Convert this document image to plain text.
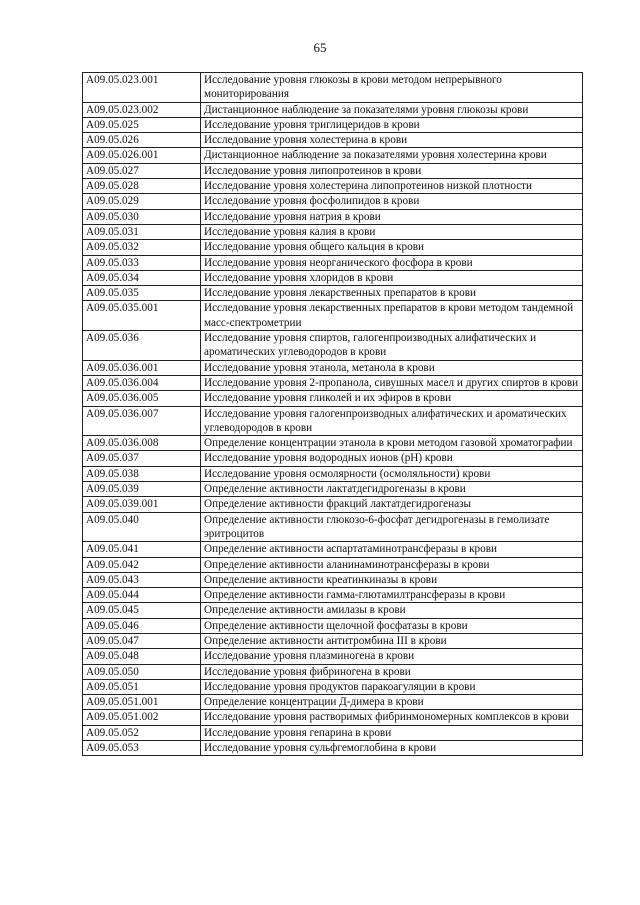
65
A09.05.023.001	Исследование уровня глюкозы в крови методом непрерывного мониторирования
A09.05.023.002	Дистанционное наблюдение за показателями уровня глюкозы крови
A09.05.025	Исследование уровня триглицеридов в крови
A09.05.026	Исследование уровня холестерина в крови
A09.05.026.001	Дистанционное наблюдение за показателями уровня холестерина крови
A09.05.027	Исследование уровня липопротеинов в крови
A09.05.028	Исследование уровня холестерина липопротеинов низкой плотности
A09.05.029	Исследование уровня фосфолипидов в крови
A09.05.030	Исследование уровня натрия в крови
A09.05.031	Исследование уровня калия в крови
A09.05.032	Исследование уровня общего кальция в крови
A09.05.033	Исследование уровня неорганического фосфора в крови
A09.05.034	Исследование уровня хлоридов в крови
A09.05.035	Исследование уровня лекарственных препаратов в крови
A09.05.035.001	Исследование уровня лекарственных препаратов в крови методом тандемной масс-спектрометрии
A09.05.036	Исследование уровня спиртов, галогенпроизводных алифатических и ароматических углеводородов в крови
A09.05.036.001	Исследование уровня этанола, метанола в крови
A09.05.036.004	Исследование уровня 2-пропанола, сивушных масел и других спиртов в крови
A09.05.036.005	Исследование уровня гликолей и их эфиров в крови
A09.05.036.007	Исследование уровня галогенпроизводных алифатических и ароматических углеводородов в крови
A09.05.036.008	Определение концентрации этанола в крови методом газовой хроматографии
A09.05.037	Исследование уровня водородных ионов (pH) крови
A09.05.038	Исследование уровня осмолярности (осмоляльности) крови
A09.05.039	Определение активности лактатдегидрогеназы в крови
A09.05.039.001	Определение активности фракций лактатдегидрогеназы
A09.05.040	Определение активности глюкозо-6-фосфат дегидрогеназы в гемолизате эритроцитов
A09.05.041	Определение активности аспартатаминотрансферазы в крови
A09.05.042	Определение активности аланинаминотрансферазы в крови
A09.05.043	Определение активности креатинкиназы в крови
A09.05.044	Определение активности гамма-глютамилтрансферазы в крови
A09.05.045	Определение активности амилазы в крови
A09.05.046	Определение активности щелочной фосфатазы в крови
A09.05.047	Определение активности антитромбина III в крови
A09.05.048	Исследование уровня плазминогена в крови
A09.05.050	Исследование уровня фибриногена в крови
A09.05.051	Исследование уровня продуктов паракоагуляции в крови
A09.05.051.001	Определение концентрации Д-димера в крови
A09.05.051.002	Исследование уровня растворимых фибринмономерных комплексов в крови
A09.05.052	Исследование уровня гепарина в крови
A09.05.053	Исследование уровня сульфгемоглобина в крови
